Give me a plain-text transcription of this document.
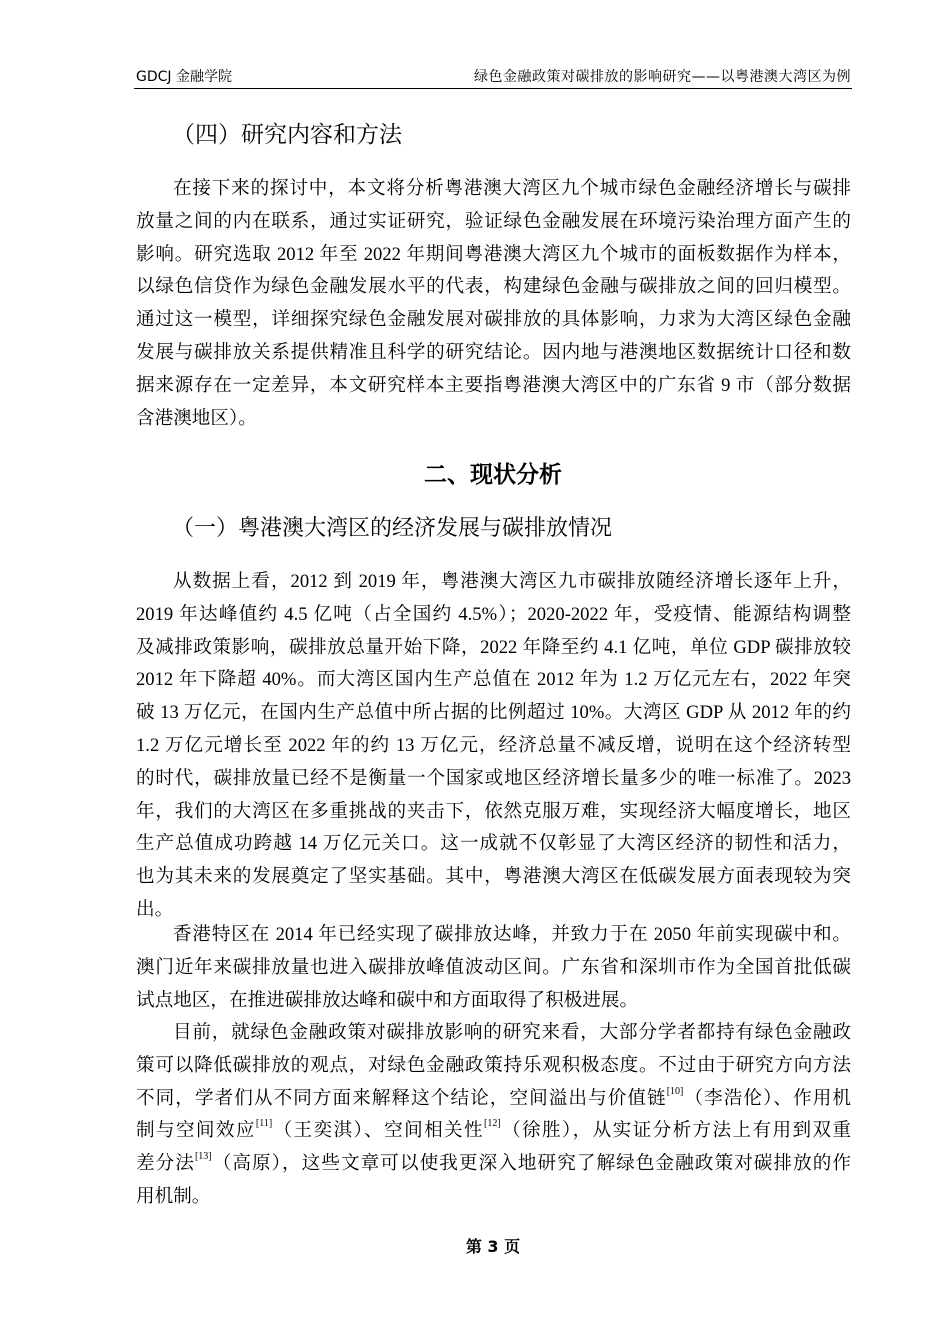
GDCJ 金融学院	绿色金融政策对碳排放的影响研究——以粤港澳大湾区为例
（四）研究内容和方法
在接下来的探讨中，本文将分析粤港澳大湾区九个城市绿色金融经济增长与碳排
放量之间的内在联系，通过实证研究，验证绿色金融发展在环境污染治理方面产生的
影响。研究选取 2012 年至 2022 年期间粤港澳大湾区九个城市的面板数据作为样本，
以绿色信贷作为绿色金融发展水平的代表，构建绿色金融与碳排放之间的回归模型。
通过这一模型，详细探究绿色金融发展对碳排放的具体影响，力求为大湾区绿色金融
发展与碳排放关系提供精准且科学的研究结论。因内地与港澳地区数据统计口径和数
据来源存在一定差异，本文研究样本主要指粤港澳大湾区中的广东省 9 市（部分数据
含港澳地区）。
二、现状分析
（一）粤港澳大湾区的经济发展与碳排放情况
从数据上看，2012 到 2019 年，粤港澳大湾区九市碳排放随经济增长逐年上升，
2019 年达峰值约 4.5 亿吨（占全国约 4.5%）；2020-2022 年，受疫情、能源结构调整
及减排政策影响，碳排放总量开始下降，2022 年降至约 4.1 亿吨，单位 GDP 碳排放较
2012 年下降超 40%。而大湾区国内生产总值在 2012 年为 1.2 万亿元左右，2022 年突
破 13 万亿元，在国内生产总值中所占据的比例超过 10%。大湾区 GDP 从 2012 年的约
1.2 万亿元增长至 2022 年的约 13 万亿元，经济总量不减反增，说明在这个经济转型
的时代，碳排放量已经不是衡量一个国家或地区经济增长量多少的唯一标准了。2023
年，我们的大湾区在多重挑战的夹击下，依然克服万难，实现经济大幅度增长，地区
生产总值成功跨越 14 万亿元关口。这一成就不仅彰显了大湾区经济的韧性和活力，
也为其未来的发展奠定了坚实基础。其中，粤港澳大湾区在低碳发展方面表现较为突
出。
香港特区在 2014 年已经实现了碳排放达峰，并致力于在 2050 年前实现碳中和。
澳门近年来碳排放量也进入碳排放峰值波动区间。广东省和深圳市作为全国首批低碳
试点地区，在推进碳排放达峰和碳中和方面取得了积极进展。
目前，就绿色金融政策对碳排放影响的研究来看，大部分学者都持有绿色金融政
策可以降低碳排放的观点，对绿色金融政策持乐观积极态度。不过由于研究方向方法
不同，学者们从不同方面来解释这个结论，空间溢出与价值链[10]（李浩伦）、作用机
制与空间效应[11]（王奕淇）、空间相关性[12]（徐胜），从实证分析方法上有用到双重
差分法[13]（高原），这些文章可以使我更深入地研究了解绿色金融政策对碳排放的作
用机制。
第 3 页
